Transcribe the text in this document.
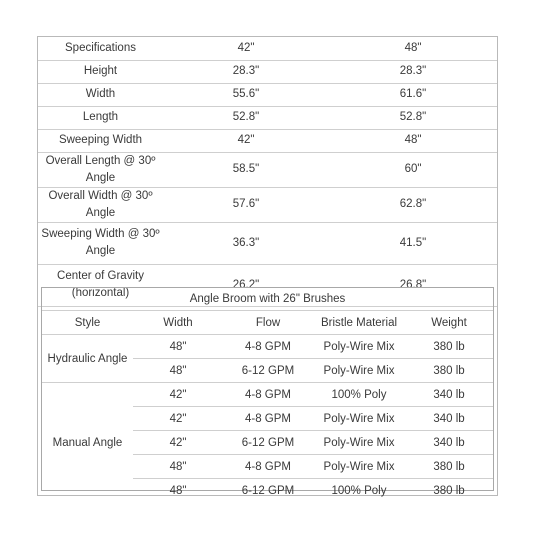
Specifications	42"	48"
Height	28.3"	28.3"
Width	55.6"	61.6"
Length	52.8"	52.8"
Sweeping Width	42"	48"
Overall Length @ 30º Angle	58.5"	60"
Overall Width @ 30º Angle	57.6"	62.8"
Sweeping Width @ 30º Angle	36.3"	41.5"
Center of Gravity (horizontal)	26.2"	26.8"
Angle Broom with 26" Brushes				
Style	Width	Flow	Bristle Material	Weight
Hydraulic Angle	48"	4-8 GPM	Poly-Wire Mix	380 lb
	48"	6-12 GPM	Poly-Wire Mix	380 lb
Manual Angle	42"	4-8 GPM	100% Poly	340 lb
	42"	4-8 GPM	Poly-Wire Mix	340 lb
	42"	6-12 GPM	Poly-Wire Mix	340 lb
	48"	4-8 GPM	Poly-Wire Mix	380 lb
	48"	6-12 GPM	100% Poly	380 lb
